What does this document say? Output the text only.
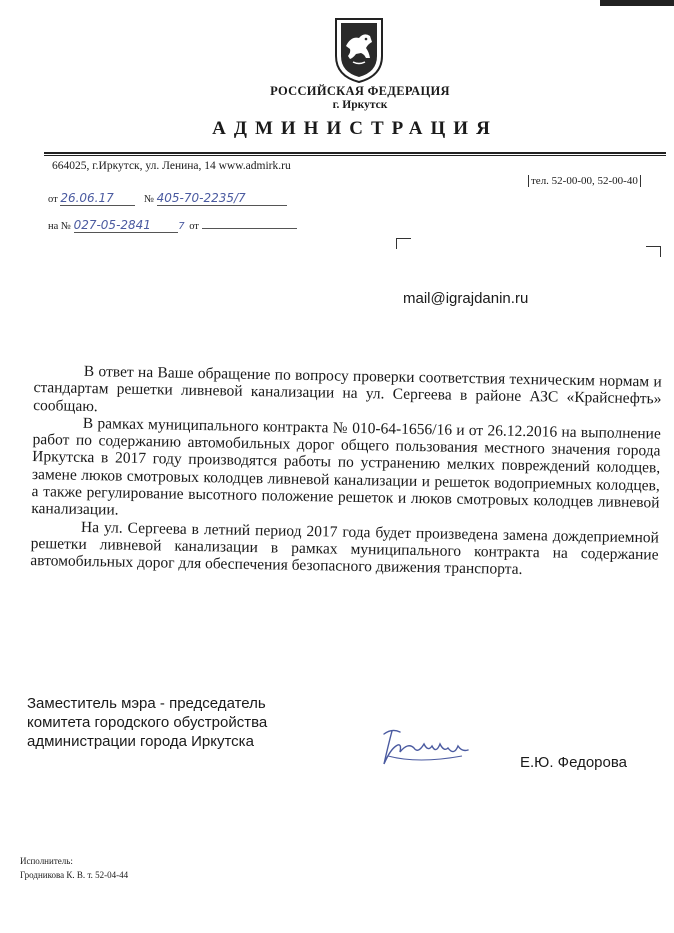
РОССИЙСКАЯ ФЕДЕРАЦИЯ
г. Иркутск
АДМИНИСТРАЦИЯ
664025, г.Иркутск, ул. Ленина, 14 www.admirk.ru
тел. 52-00-00, 52-00-40
от 26.06.17	№ 405-70-2235/7
на № 027-05-2841	7 от
mail@igrajdanin.ru

В ответ на Ваше обращение по вопросу проверки соответствия техническим нормам и стандартам решетки ливневой канализации на ул. Сергеева в районе АЗС «Крайснефть» сообщаю.

В рамках муниципального контракта № 010-64-1656/16 и от 26.12.2016 на выполнение работ по содержанию автомобильных дорог общего пользования местного значения города Иркутска в 2017 году производятся работы по устранению мелких повреждений колодцев, замене люков смотровых колодцев ливневой канализации и решеток водоприемных колодцев, а также регулирование высотного положение решеток и люков смотровых колодцев ливневой канализации.

На ул. Сергеева в летний период 2017 года будет произведена замена дождеприемной решетки ливневой канализации в рамках муниципального контракта на содержание автомобильных дорог для обеспечения безопасного движения транспорта.

Заместитель мэра - председатель
комитета городского обустройства
администрации города Иркутска
Е.Ю. Федорова
Исполнитель:
Гродникова К. В. т. 52-04-44
